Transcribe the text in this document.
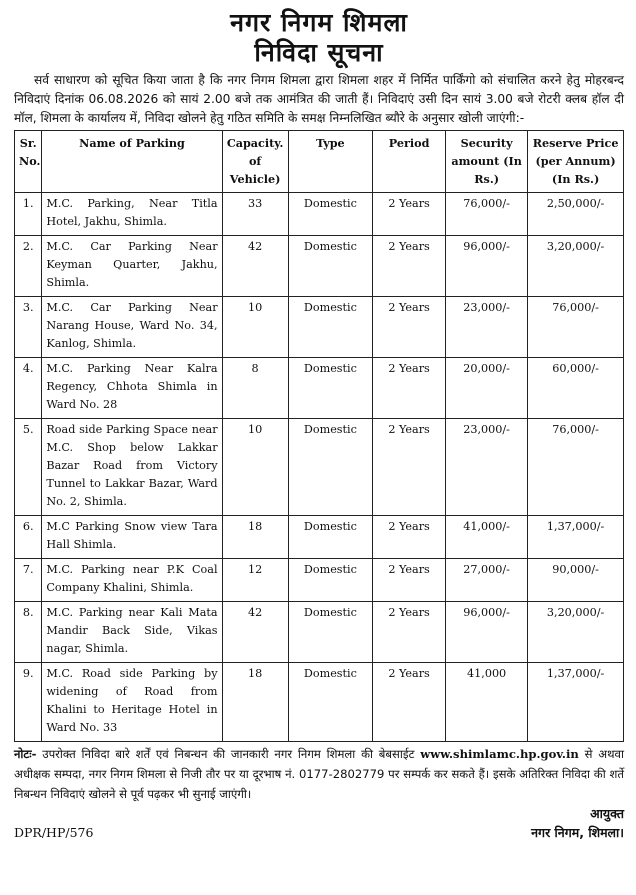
नगर निगम शिमला
निविदा सूचना

सर्व साधारण को सूचित किया जाता है कि नगर निगम शिमला द्वारा शिमला शहर में निर्मित पार्किंगो को संचालित करने हेतु मोहरबन्द निविदाएं दिनांक 06.08.2026 को सायं 2.00 बजे तक आमंत्रित की जाती हैं। निविदाएं उसी दिन सायं 3.00 बजे रोटरी क्लब हॉल दी मॉल, शिमला के कार्यालय में, निविदा खोलने हेतु गठित समिति के समक्ष निम्नलिखित ब्यौरे के अनुसार खोली जाएंगी:-

Sr. No.	Name of Parking	Capacity. of Vehicle)	Type	Period	Security amount (In Rs.)	Reserve Price (per Annum) (In Rs.)
1.	M.C. Parking, Near Titla Hotel, Jakhu, Shimla.	33	Domestic	2 Years	76,000/-	2,50,000/-
2.	M.C. Car Parking Near Keyman Quarter, Jakhu, Shimla.	42	Domestic	2 Years	96,000/-	3,20,000/-
3.	M.C. Car Parking Near Narang House, Ward No. 34, Kanlog, Shimla.	10	Domestic	2 Years	23,000/-	76,000/-
4.	M.C. Parking Near Kalra Regency, Chhota Shimla in Ward No. 28	8	Domestic	2 Years	20,000/-	60,000/-
5.	Road side Parking Space near M.C. Shop below Lakkar Bazar Road from Victory Tunnel to Lakkar Bazar, Ward No. 2, Shimla.	10	Domestic	2 Years	23,000/-	76,000/-
6.	M.C Parking Snow view Tara Hall Shimla.	18	Domestic	2 Years	41,000/-	1,37,000/-
7.	M.C. Parking near P.K Coal Company Khalini, Shimla.	12	Domestic	2 Years	27,000/-	90,000/-
8.	M.C. Parking near Kali Mata Mandir Back Side, Vikas nagar, Shimla.	42	Domestic	2 Years	96,000/-	3,20,000/-
9.	M.C. Road side Parking by widening of Road from Khalini to Heritage Hotel in Ward No. 33	18	Domestic	2 Years	41,000	1,37,000/-

नोटः- उपरोक्त निविदा बारे शर्तें एवं निबन्धन की जानकारी नगर निगम शिमला की बेबसाईट www.shimlamc.hp.gov.in से अथवा अधीक्षक सम्पदा, नगर निगम शिमला से निजी तौर पर या दूरभाष नं. 0177-2802779 पर सम्पर्क कर सकते हैं। इसके अतिरिक्त निविदा की शर्ते निबन्धन निविदाएं खोलने से पूर्व पढ़कर भी सुनाई जाएंगी।

आयुक्त
DPR/HP/576	नगर निगम, शिमला।
